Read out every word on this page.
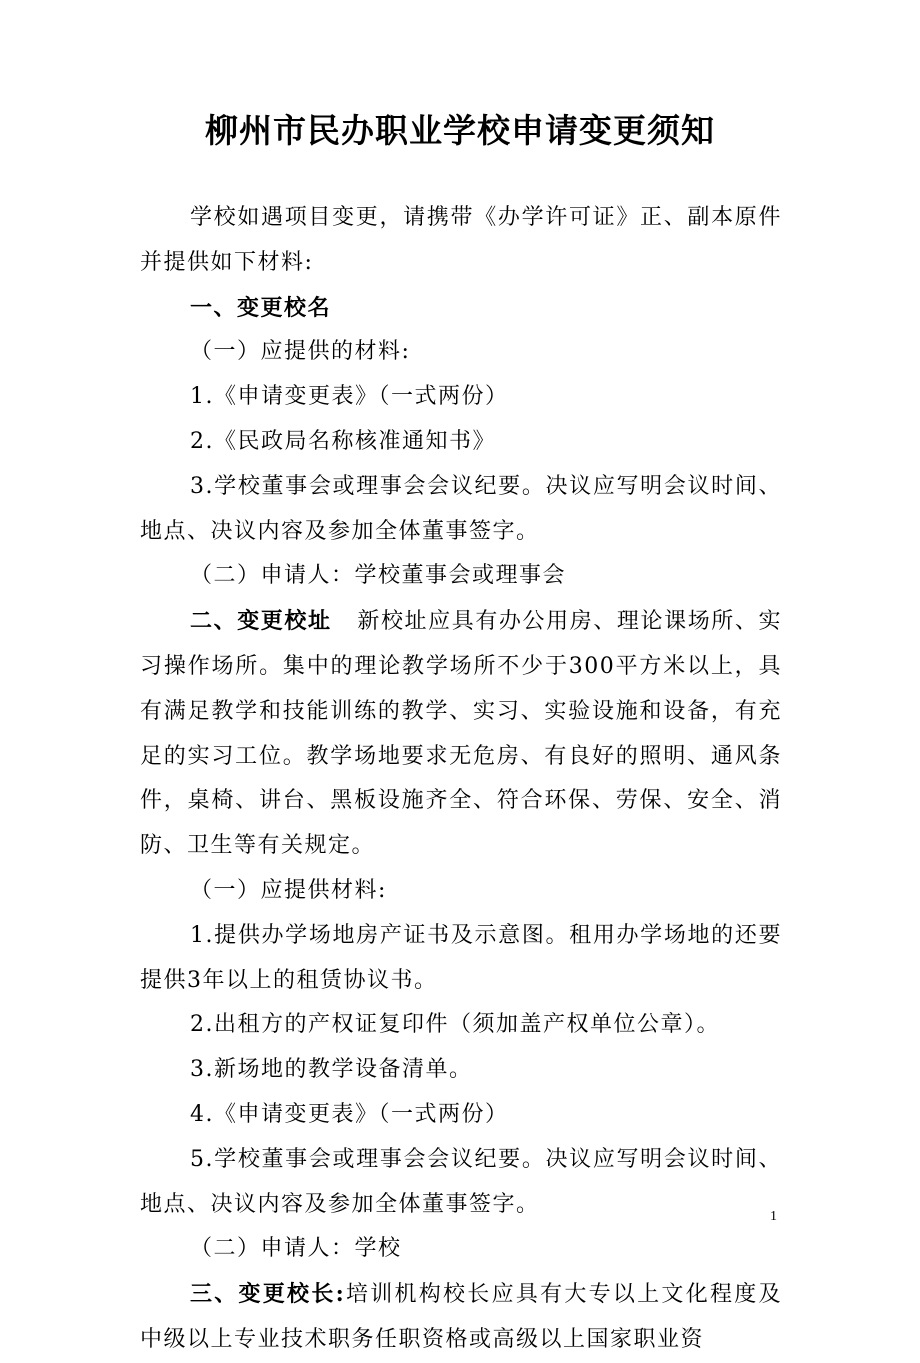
柳州市民办职业学校申请变更须知

学校如遇项目变更，请携带《办学许可证》正、副本原件并提供如下材料:

一、变更校名

（一）应提供的材料:

1.《申请变更表》（一式两份）

2.《民政局名称核准通知书》

3.学校董事会或理事会会议纪要。决议应写明会议时间、地点、决议内容及参加全体董事签字。

（二）申请人：学校董事会或理事会

二、变更校址 新校址应具有办公用房、理论课场所、实习操作场所。集中的理论教学场所不少于300平方米以上，具有满足教学和技能训练的教学、实习、实验设施和设备，有充足的实习工位。教学场地要求无危房、有良好的照明、通风条件，桌椅、讲台、黑板设施齐全、符合环保、劳保、安全、消防、卫生等有关规定。

（一）应提供材料:

1.提供办学场地房产证书及示意图。租用办学场地的还要提供3年以上的租赁协议书。

2.出租方的产权证复印件（须加盖产权单位公章）。

3.新场地的教学设备清单。

4.《申请变更表》（一式两份）

5.学校董事会或理事会会议纪要。决议应写明会议时间、地点、决议内容及参加全体董事签字。

（二）申请人：学校

三、变更校长:培训机构校长应具有大专以上文化程度及中级以上专业技术职务任职资格或高级以上国家职业资

1
